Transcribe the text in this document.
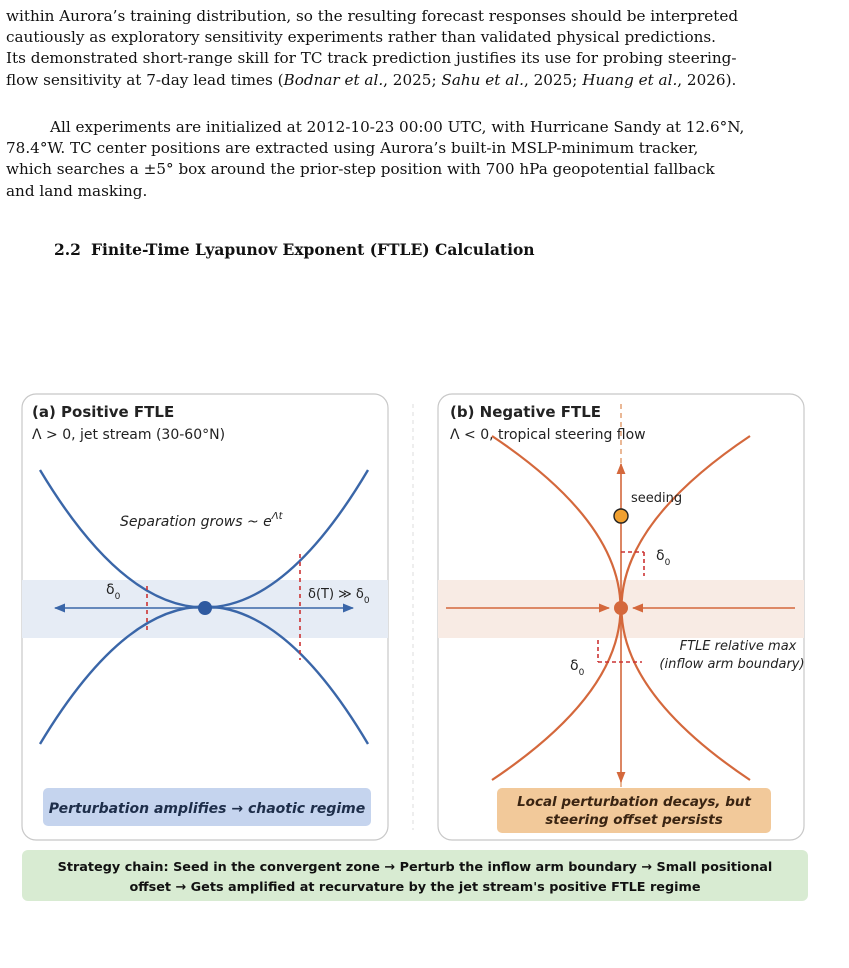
within Aurora’s training distribution, so the resulting forecast responses should be interpreted
cautiously as exploratory sensitivity experiments rather than validated physical predictions.
Its demonstrated short-range skill for TC track prediction justifies its use for probing steering-
flow sensitivity at 7-day lead times (Bodnar et al., 2025; Sahu et al., 2025; Huang et al., 2026).

All experiments are initialized at 2012-10-23 00:00 UTC, with Hurricane Sandy at 12.6°N,
78.4°W. TC center positions are extracted using Aurora’s built-in MSLP-minimum tracker,
which searches a ±5° box around the prior-step position with 700 hPa geopotential fallback
and land masking.

2.2 Finite-Time Lyapunov Exponent (FTLE) Calculation
(a) Positive FTLE
Λ > 0, jet stream (30-60°N)
Separation grows ~ $e^{\Lambda t}$
$\delta_0$	δ(T) ≫ $\delta_0$
Perturbation amplifies → chaotic regime
(b) Negative FTLE
Λ < 0, tropical steering flow
seeding
$\delta_0$
$\delta_0$
FTLE relative max
(inflow arm boundary)
Local perturbation decays, but
steering offset persists
Strategy chain: Seed in the convergent zone → Perturb the inflow arm boundary → Small positional
offset → Gets amplified at recurvature by the jet stream's positive FTLE regime
